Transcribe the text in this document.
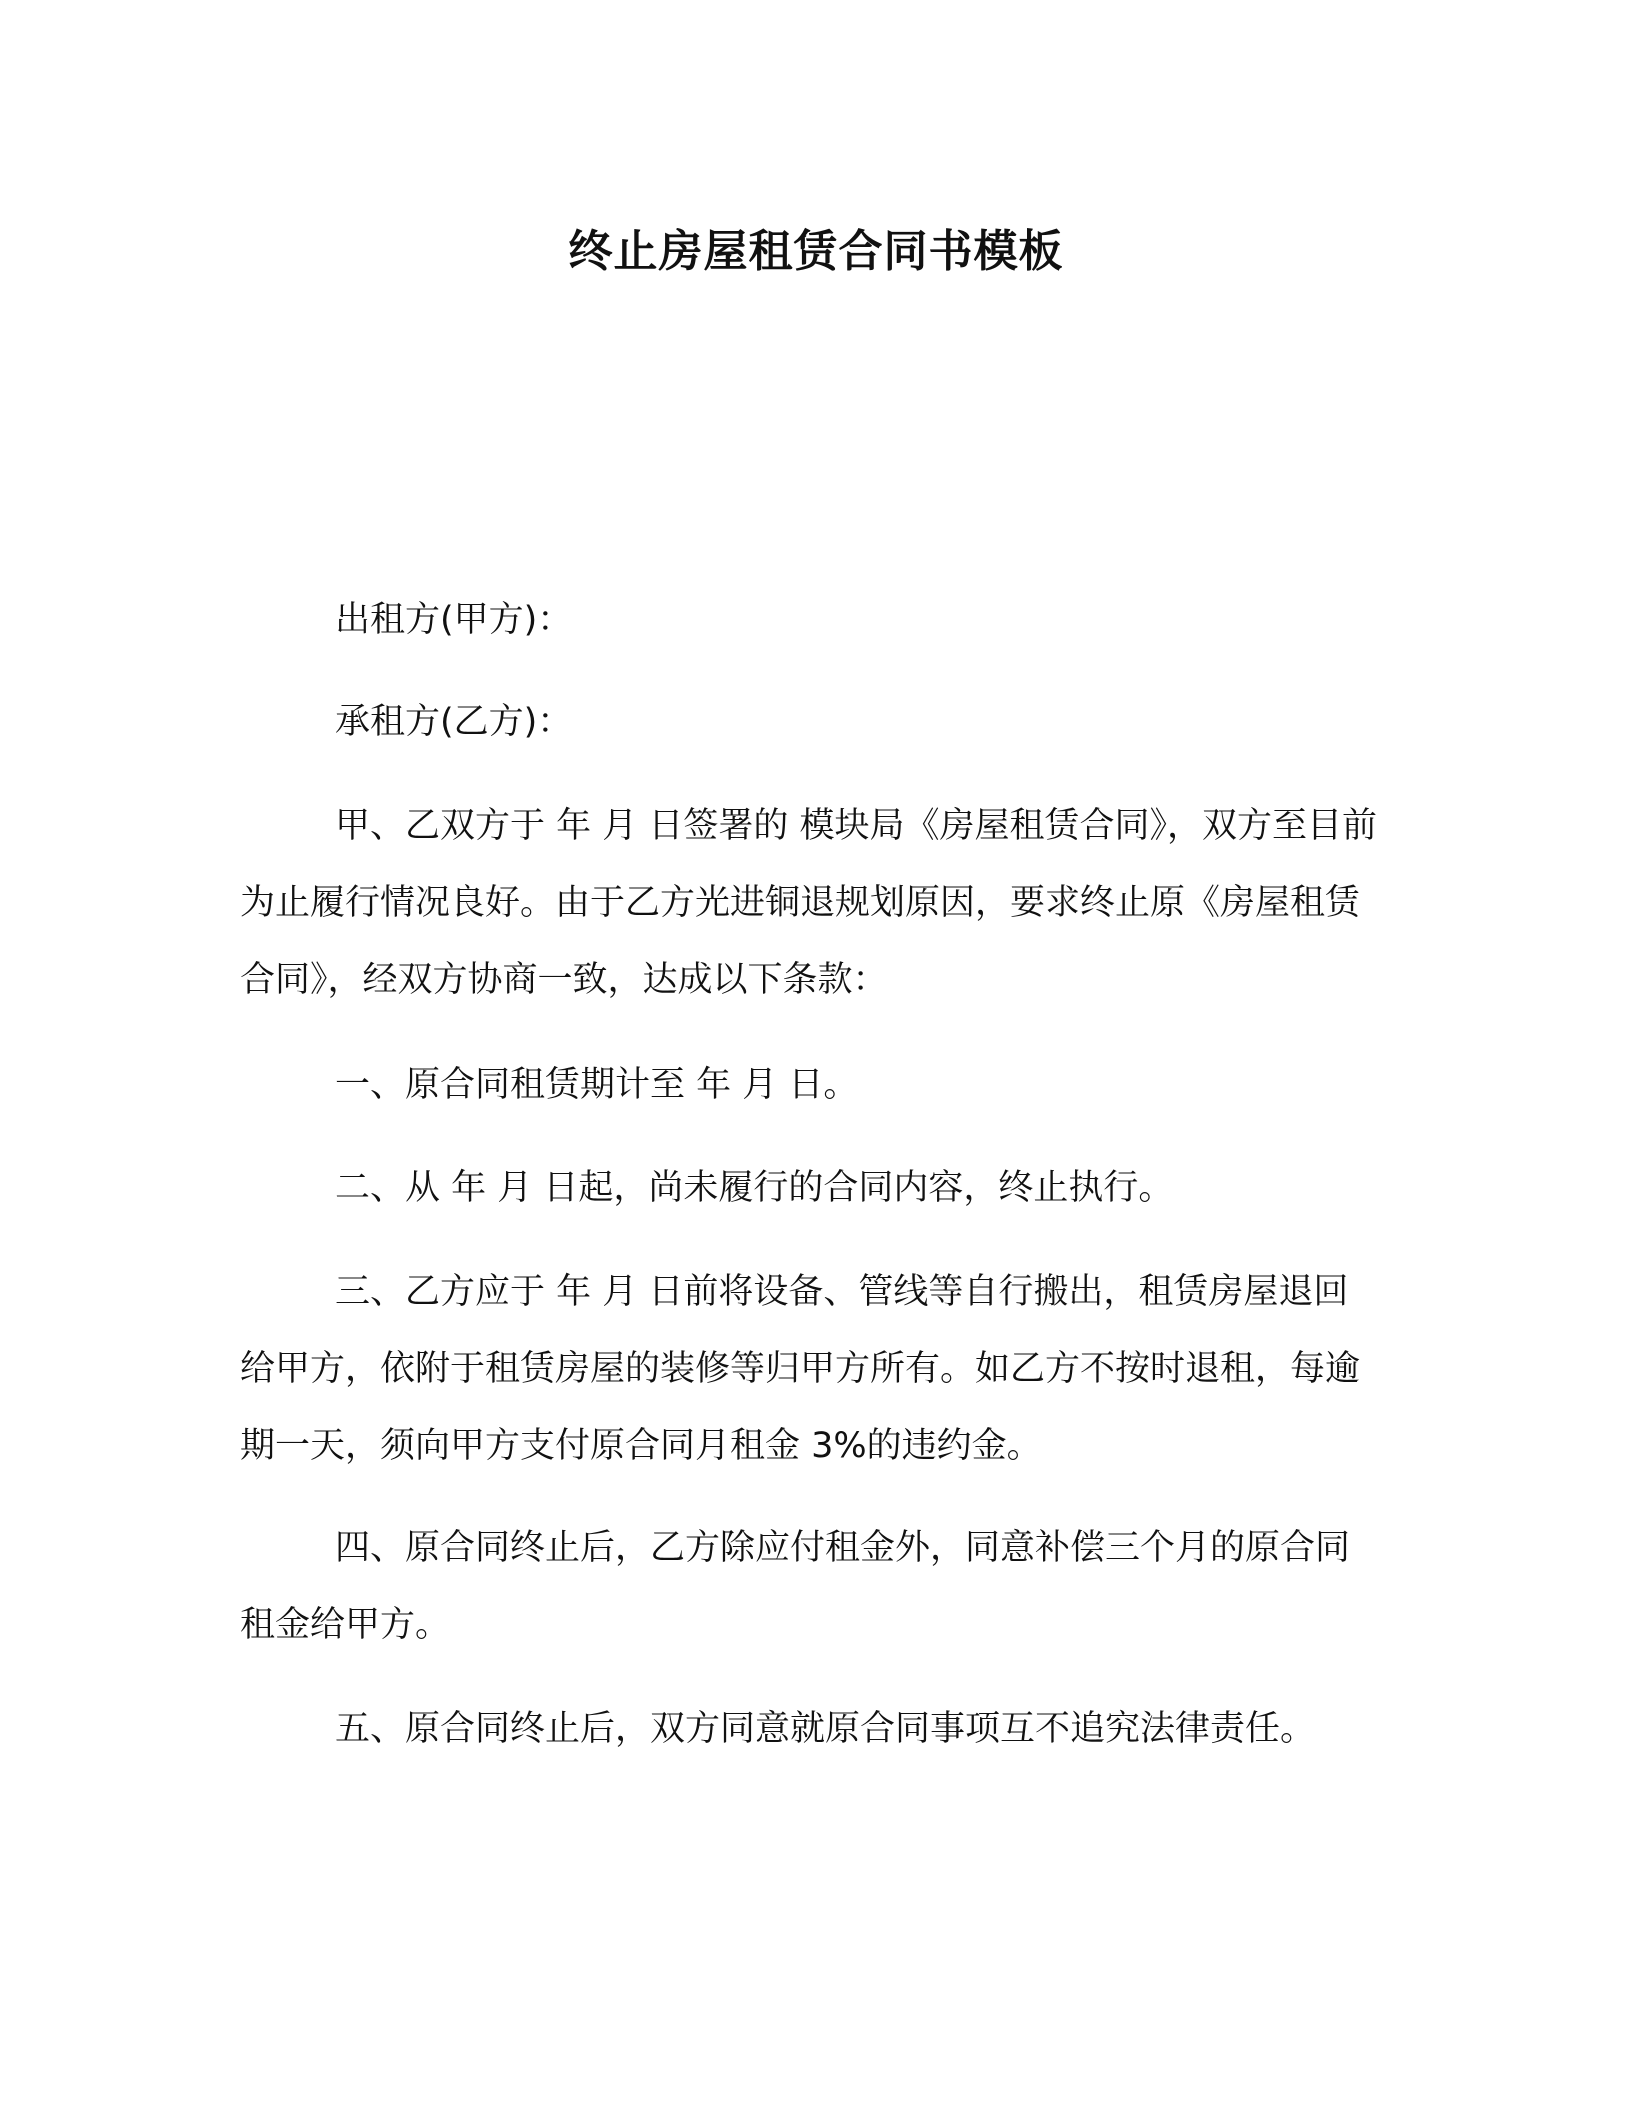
终止房屋租赁合同书模板

出租方(甲方)：

承租方(乙方)：

甲、乙双方于 年 月 日签署的 模块局《房屋租赁合同》，双方至目前为止履行情况良好。由于乙方光进铜退规划原因，要求终止原《房屋租赁合同》，经双方协商一致，达成以下条款：

一、原合同租赁期计至 年 月 日。

二、从 年 月 日起，尚未履行的合同内容，终止执行。

三、乙方应于 年 月 日前将设备、管线等自行搬出，租赁房屋退回给甲方，依附于租赁房屋的装修等归甲方所有。如乙方不按时退租，每逾期一天，须向甲方支付原合同月租金 3%的违约金。

四、原合同终止后，乙方除应付租金外，同意补偿三个月的原合同租金给甲方。

五、原合同终止后，双方同意就原合同事项互不追究法律责任。
